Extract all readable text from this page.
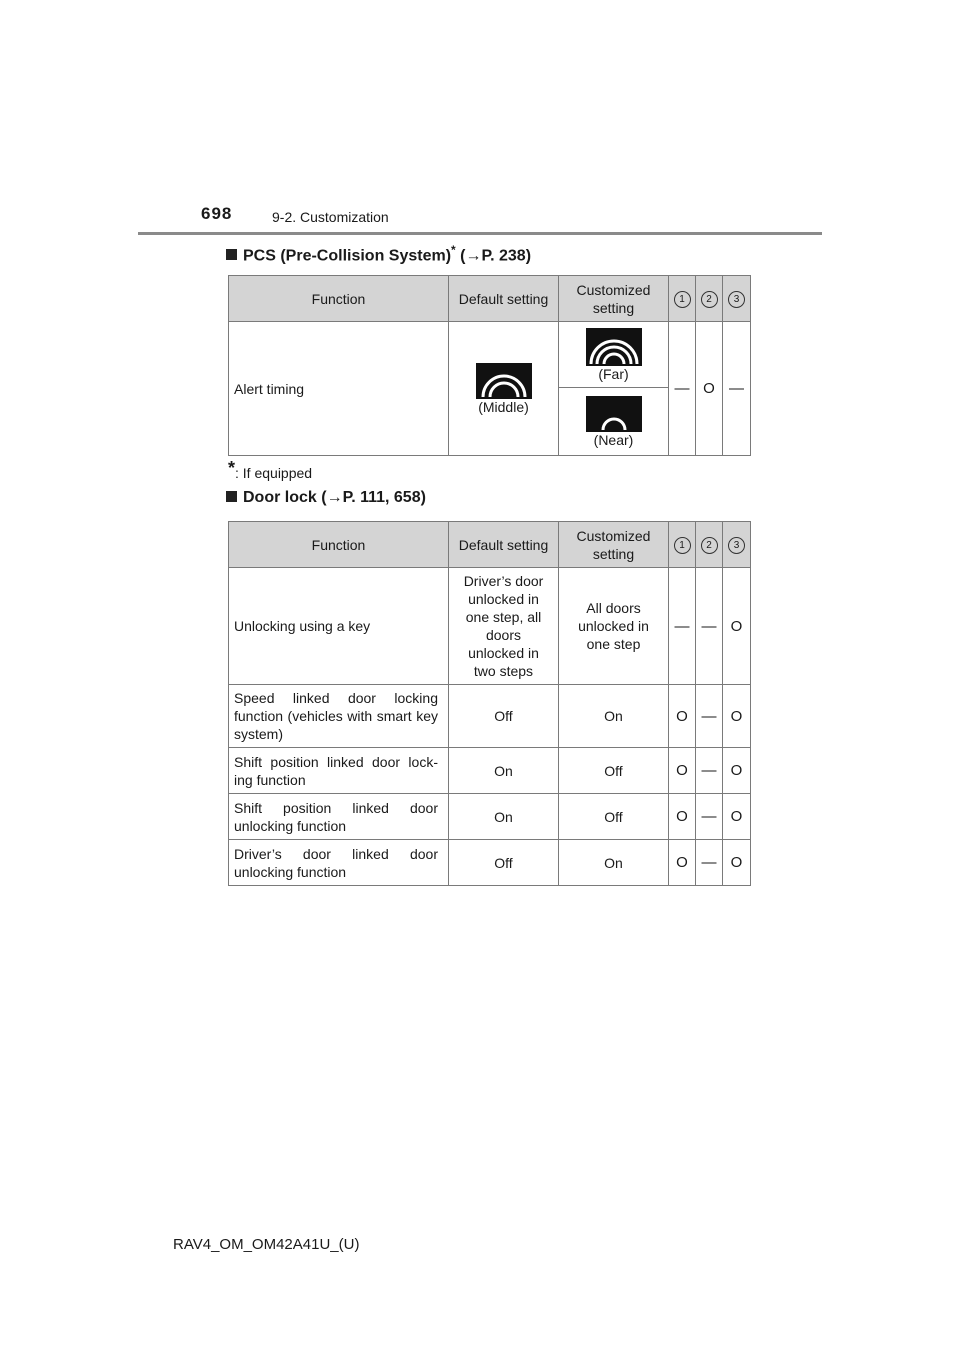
698	9-2. Customization
PCS (Pre-Collision System)* (→P. 238)
Function	Default setting	Customized setting	1	2	3
Alert timing	(Middle)	(Far)	—	O	—

		(Near)			
*: If equipped
Door lock (→P. 111, 658)
Function	Default setting	Customized setting	1	2	3
Unlocking using a key	Driver’s door unlocked in one step, all doors unlocked in two steps	All doors unlocked in one step	—	—	O
Speed linked door locking function (vehicles with smart key system)	Off	On	O	—	O
Shift position linked door lock-ing function	On	Off	O	—	O
Shift position linked door unlocking function	On	Off	O	—	O
Driver’s door linked door unlocking function	Off	On	O	—	O
RAV4_OM_OM42A41U_(U)
